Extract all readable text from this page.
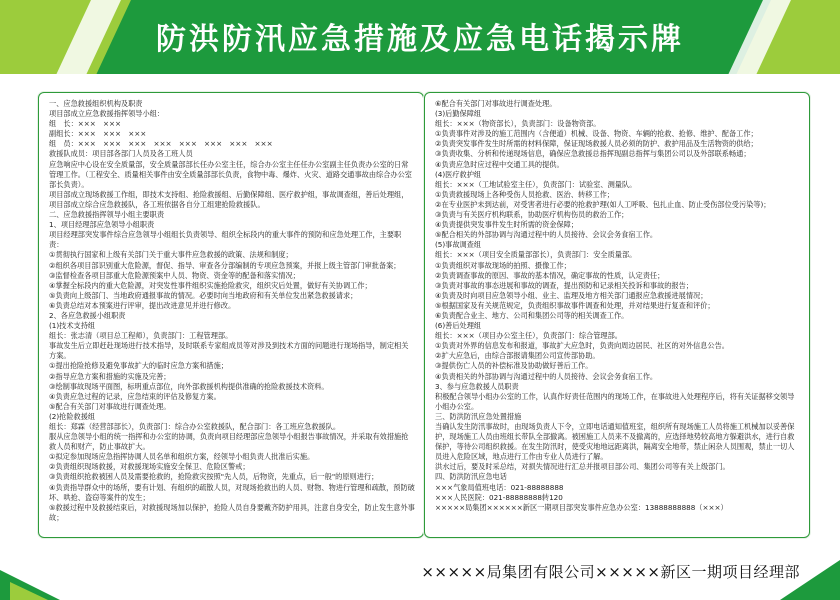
防洪防汛应急措施及应急电话揭示牌
一、应急救援组织机构及职责
项目部成立应急救援指挥领导小组：
组　长：×××　×××
副组长：×××　×××　×××
组　员：×××　×××　×××　×××　×××　×××　×××　×××
救援队成员：项目部各部门人员及各工班人员
应急响应中心设在安全质量部，安全质量部部长任办公室主任，综合办公室主任任办公室副主任负责办公室的日常管理工作。（工程安全、质量相关事件由安全质量部部长负责，食物中毒、爆炸、火灾、道路交通事故由综合办公室部长负责）。
项目部成立现场救援工作组，即技术支持组、抢险救援组、后勤保障组、医疗救护组，事故调查组，善后处理组，项目部成立综合应急救援队，各工班依据各自分工组建抢险救援队。
二、应急救援指挥领导小组主要职责
1、项目经理部应急领导小组职责
项目经理部突发事件综合应急领导小组组长负责领导、组织全标段内的重大事件的预防和应急处理工作，主要职责：
①贯彻执行国家和上级有关部门关于重大事件应急救援的政策、法规和制度；
②组织各项目部识别重大危险源，督促、指导、审查各分部编制的专项应急预案，并报上级主管部门审批备案；
③监督检查各项目部重大危险源预案中人员、物资、资金等的配备和落实情况；
④掌握全标段内的重大危险源，对突发性事件组织实施抢险救灾，组织灾后处置，做好有关协调工作；
⑤负责向上级部门、当地政府通报事故的情况。必要时向当地政府和有关单位发出紧急救援请求；
⑥负责总结对本预案进行评审，提出改进意见并进行修改。
2、各应急救援小组职责
(1)技术支持组
组长：张志清（项目总工程师），负责部门：工程管理部。
事故发生后立即赶赴现场进行技术指导，及时联系专家组成员等对涉及到技术方面的问题进行现场指导，制定相关方案。
①提出抢险抢修及避免事故扩大的临时应急方案和措施；
②指导应急方案和措施的实施及完善；
③绘制事故现场平面图，标明重点部位，向外部救援机构提供准确的抢险救援技术资料。
④负责应急过程的记录，应急结束的评估及修复方案。
⑤配合有关部门对事故进行调查处理。
(2)抢险救援组
组长：郑霖（经营部部长），负责部门：综合办公室救援队，配合部门：各工班应急救援队。
服从应急领导小组的统一指挥和办公室的协调，负责向项目经理部应急领导小组报告事故情况，并采取有效措施抢救人员和财产，防止事故扩大。
①拟定参加现场应急指挥协调人员名单和组织方案，经领导小组负责人批准后实施。
②负责组织现场救援，对救援现场实施安全保卫、危险区警戒；
③负责组织抢救被困人员及需要抢救的，抢险救灾按照"先人员，后物资，先重点，后一般"的原则进行；
④负责指导群众中的场所，要有计划、有组织的疏散人员，对现场抢救出的人员、财物、物进行管理和疏散，预防破坏、哄抢、盗窃等案件的发生；
⑤救援过程中及救援结束后，对救援现场加以保护，抢险人员自身要戴齐防护用具，注意自身安全，防止发生意外事故；
⑥配合有关部门对事故进行调查处理。
(3)后勤保障组
组长：×××（物资部长），负责部门：设备物资部。
①负责事件对涉及的施工范围内（含便道）机械、设备、物资、车辆的抢救、抢修、维护、配备工作；
②负责突发事件发生时所需的材料保障，保证现场救援人员必须的防护、救护用品及生活物资的供给；
③负责收集、分析和传递现场信息，确保应急救援总指挥现副总指挥与集团公司以及外部联系畅通；
④负责应急时应过程中交通工具的提供。
(4)医疗救护组
组长：×××（工地试验室主任），负责部门：试验室、测量队。
①负责救援现场上各种受伤人员抢救、医治、转移工作；
②在专业医护未到达前，对受害者进行必要的抢救护理(如人工呼吸、包扎止血、防止受伤部位受污染等)；
③负责与有关医疗机构联系，协助医疗机构伤员的救治工作；
④负责提供突发事件发生时所需的资金保障；
⑤配合相关的外部协调与沟通过程中的人员接待、会议会务食宿工作。
(5)事故调查组
组长：×××（项目安全质量部部长），负责部门：安全质量部。
①负责组织对事故现场的拍照、摄像工作；
②负责调查事故的原因、事故的基本情况，确定事故的性质，认定责任；
③负责对事故的事态进展和事故的调查，提出预防和记录相关投诉和事故的报告；
④负责及时向项目应急领导小组、业主、监理及地方相关部门通报应急救援进展情况；
⑤根据国家及有关规范规定，负责组织事故事件调查和处理，并对结果进行复查和评价；
⑥负责配合业主、地方、公司和集团公司等的相关调查工作。
(6)善后处理组
组长：×××（项目办公室主任），负责部门：综合管理部。
①负责对外界的信息发布和报道，事故扩大应急时，负责向周边居民、社区的对外信息公告。
②扩大应急后，由综合部报请集团公司宣传部协助。
③提供伤亡人员的补偿标准及协助做好善后工作。
④负责相关的外部协调与沟通过程中的人员接待、会议会务食宿工作。
3、参与应急救援人员职责
积极配合领导小组办公室的工作，认真作好责任范围内的现场工作，在事故进入处理程序后，将有关证据移交领导小组办公室。
三、防洪防汛应急处置措施
当确认发生防汛事故时，由现场负责人下令，立即电话通知值班室，组织所有现场施工人员将施工机械加以妥善保护，现场施工人员由班组长带队全部撤离。被困施工人员来不及撤离的，应选择地势较高地方躲避洪水，进行自救保护，等待公司组织救援。在发生防汛时，使受灾地地远距离洪，隔离安全地带，禁止闲杂人员围观，禁止一切人员进入危险区域，地点进行工作由专业人员进行了解。
洪水过后，要及时采总结，对损失情况进行汇总并报项目部公司、集团公司等有关上级部门。
四、防洪防汛应急电话
×××气象局值班电话：021-88888888
×××人民医院：021-88888888转120
×××××局集团××××××新区一期项目部突发事件应急办公室：13888888888（×××）
×××××局集团有限公司×××××新区一期项目经理部
